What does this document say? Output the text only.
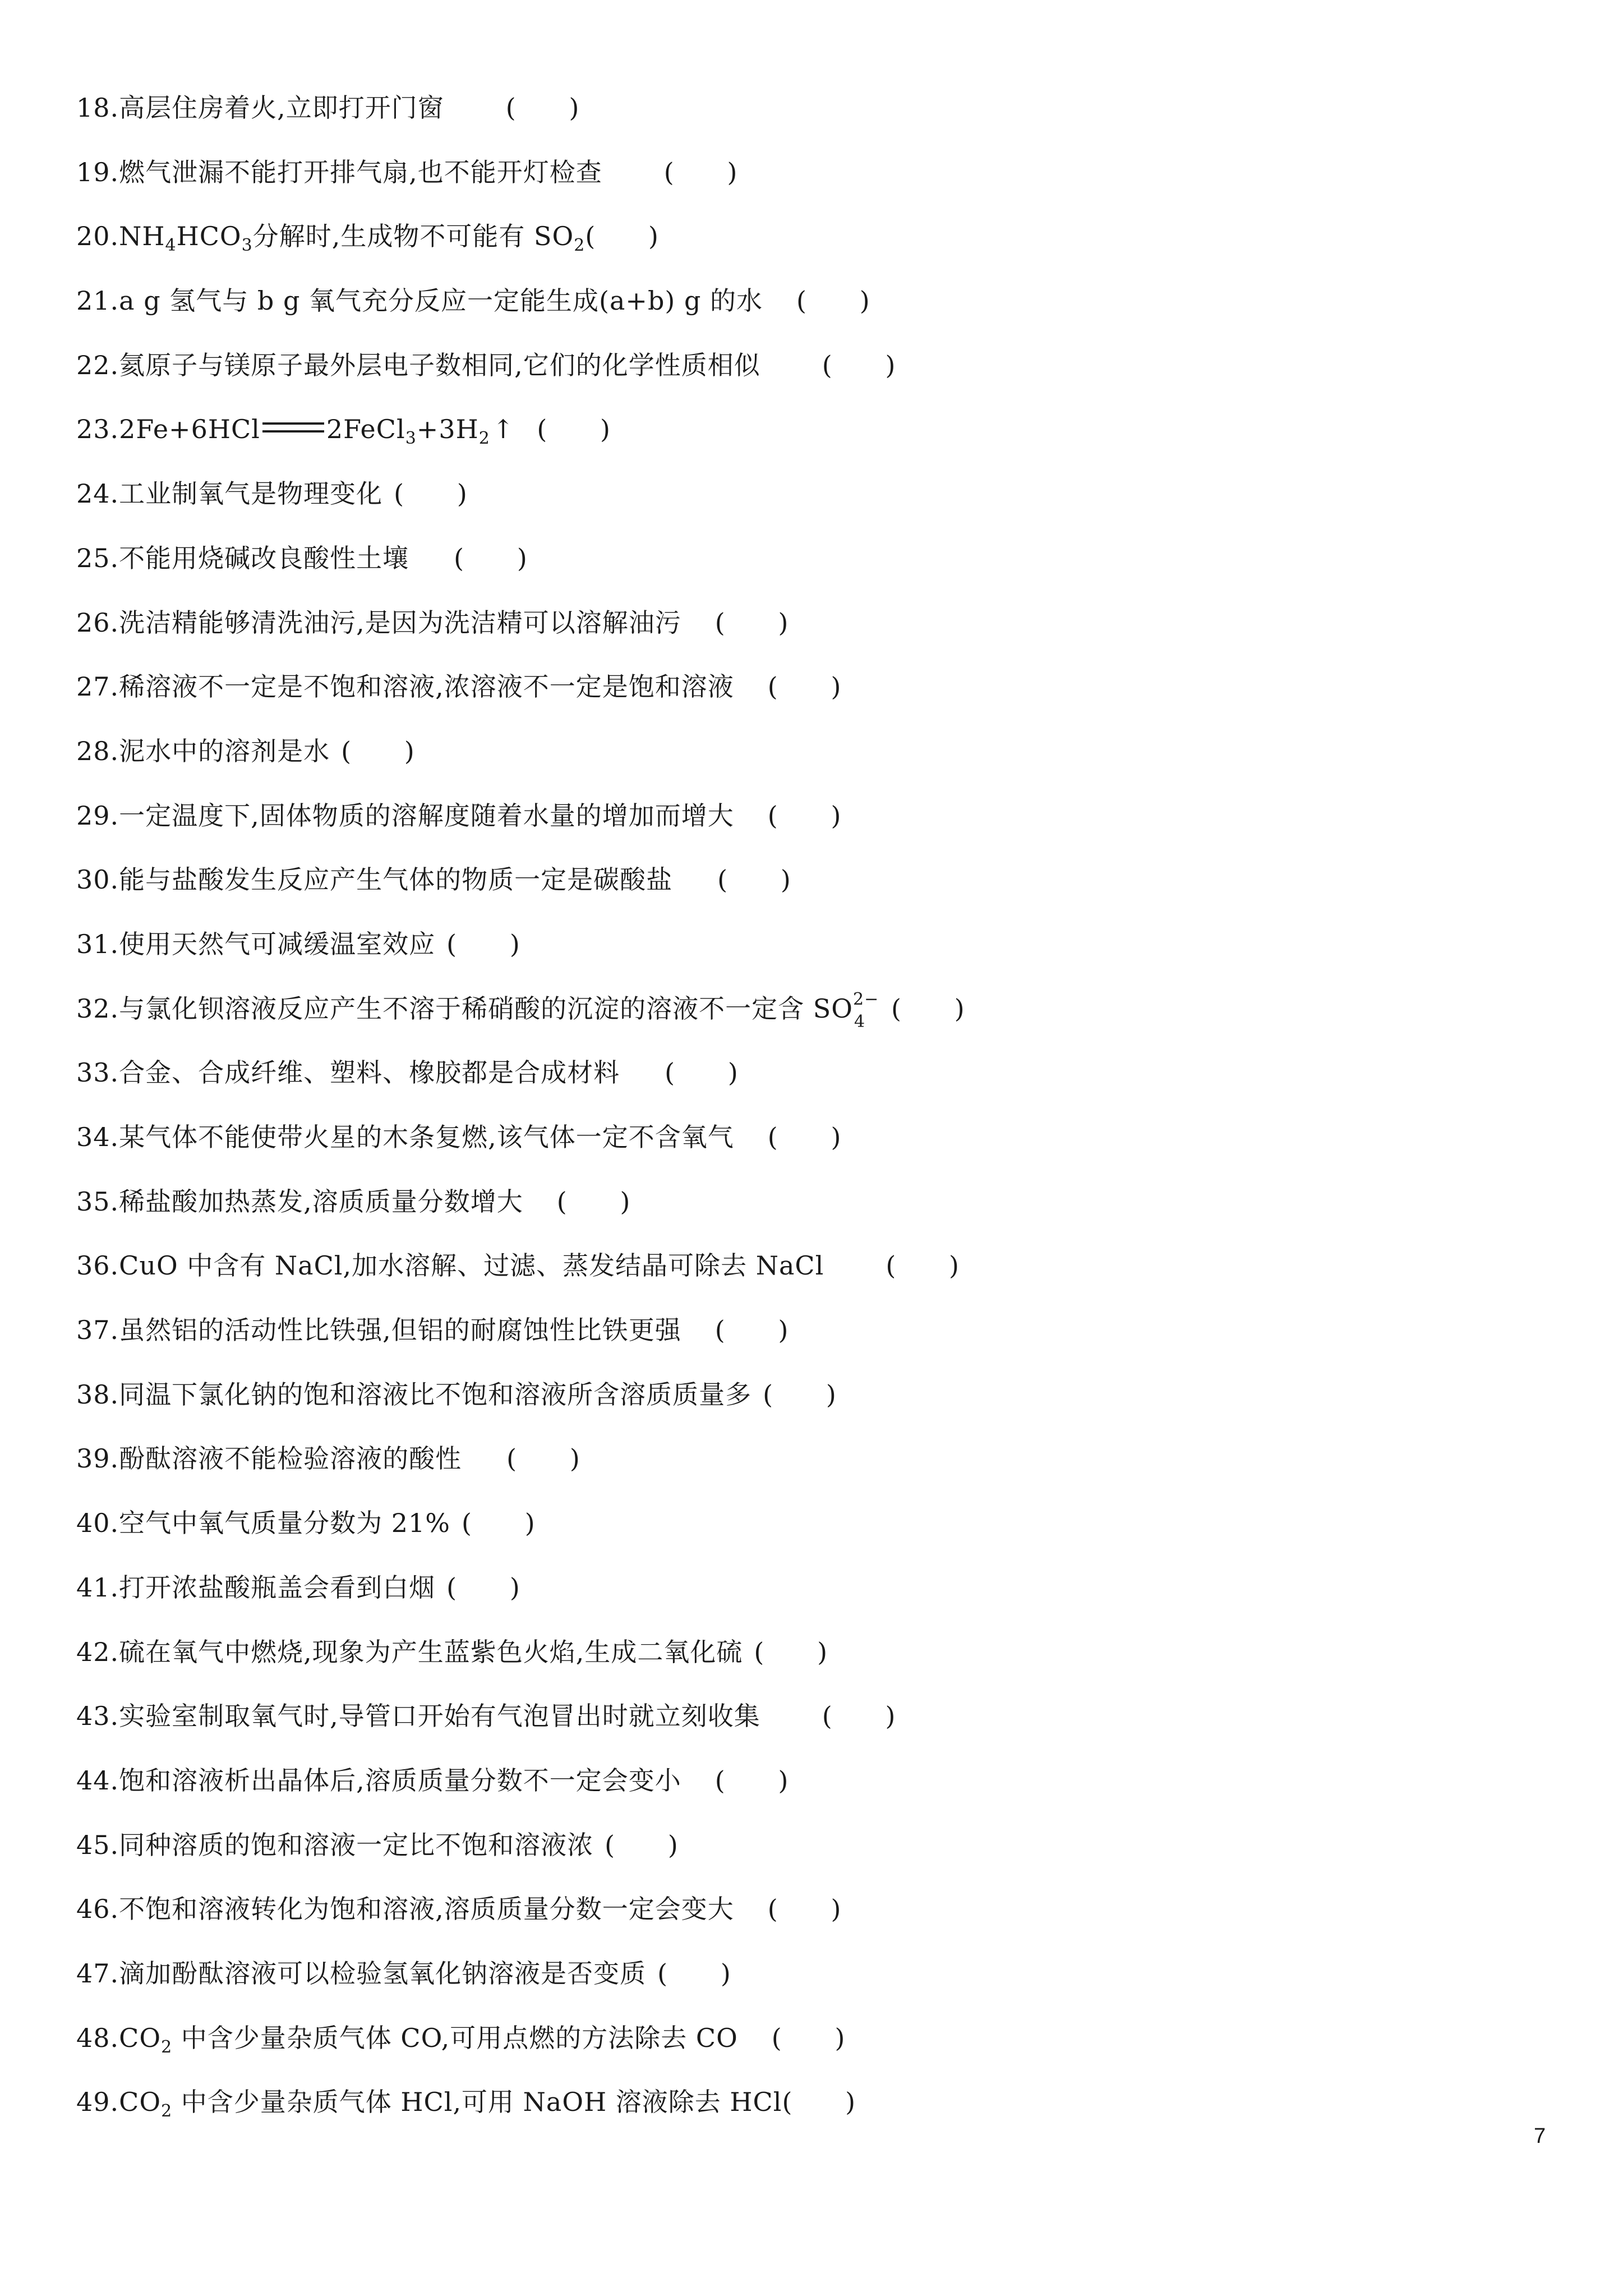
18. 高层住房着火,立即打开门窗 (      )
19. 燃气泄漏不能打开排气扇,也不能开灯检查 (      )
20. $NH_4HCO_3$分解时,生成物不可能有 $SO_2$ (      )
21. a g 氢气与 b g 氧气充分反应一定能生成(a+b) g 的水 (      )
22. 氦原子与镁原子最外层电子数相同,它们的化学性质相似 (      )
23. 2Fe+6HCl	$2FeCl_3+3H_2↑$ (      )
24. 工业制氧气是物理变化 (      )
25. 不能用烧碱改良酸性土壤 (      )
26. 洗洁精能够清洗油污,是因为洗洁精可以溶解油污 (      )
27. 稀溶液不一定是不饱和溶液,浓溶液不一定是饱和溶液 (      )
28. 泥水中的溶剂是水 (      )
29. 一定温度下,固体物质的溶解度随着水量的增加而增大 (      )
30. 能与盐酸发生反应产生气体的物质一定是碳酸盐 (      )
31. 使用天然气可减缓温室效应 (      )
32. 与氯化钡溶液反应产生不溶于稀硝酸的沉淀的溶液不一定含 SO 2−
4 (      )
33. 合金、合成纤维、塑料、橡胶都是合成材料 (      )
34. 某气体不能使带火星的木条复燃,该气体一定不含氧气 (      )
35. 稀盐酸加热蒸发,溶质质量分数增大 (      )
36. CuO 中含有 NaCl,加水溶解、过滤、蒸发结晶可除去 NaCl (      )
37. 虽然铝的活动性比铁强,但铝的耐腐蚀性比铁更强 (      )
38. 同温下氯化钠的饱和溶液比不饱和溶液所含溶质质量多 (      )
39. 酚酞溶液不能检验溶液的酸性 (      )
40. 空气中氧气质量分数为 21% (      )
41. 打开浓盐酸瓶盖会看到白烟 (      )
42. 硫在氧气中燃烧,现象为产生蓝紫色火焰,生成二氧化硫 (      )
43. 实验室制取氧气时,导管口开始有气泡冒出时就立刻收集 (      )
44. 饱和溶液析出晶体后,溶质质量分数不一定会变小 (      )
45. 同种溶质的饱和溶液一定比不饱和溶液浓 (      )
46. 不饱和溶液转化为饱和溶液,溶质质量分数一定会变大 (      )
47. 滴加酚酞溶液可以检验氢氧化钠溶液是否变质 (      )
48. $CO_2$ 中含少量杂质气体 CO,可用点燃的方法除去 CO (      )
49. $CO_2$ 中含少量杂质气体 HCl,可用 NaOH 溶液除去 HCl (      )
7
